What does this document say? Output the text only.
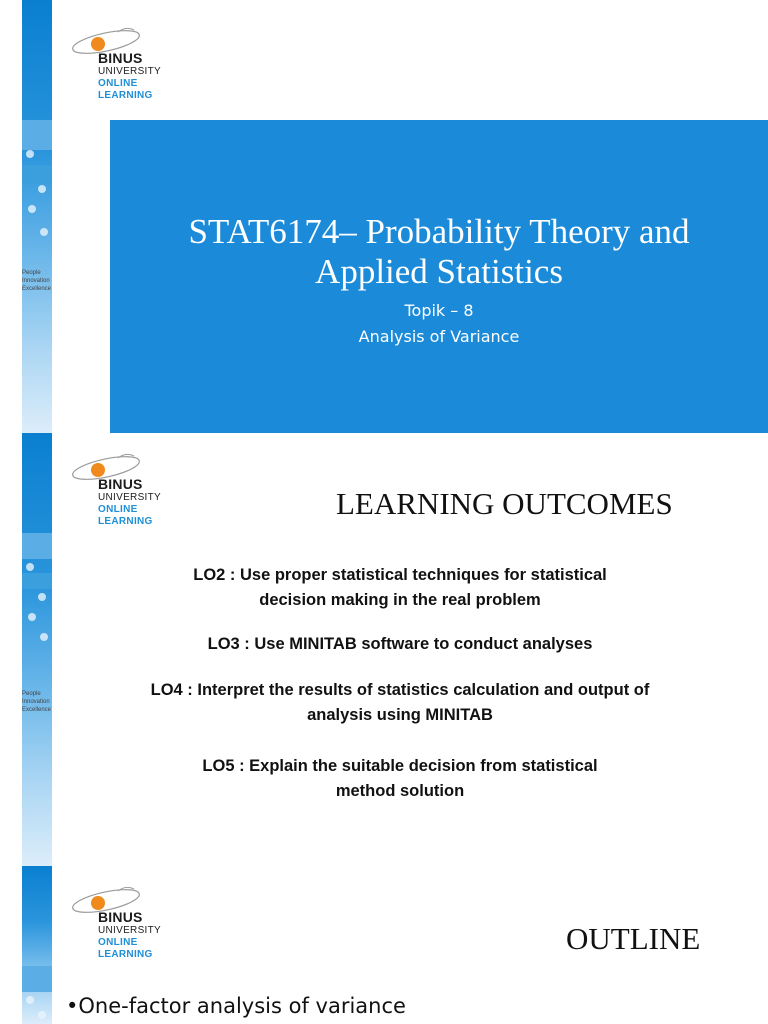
BINUS
UNIVERSITY
ONLINE
LEARNING
People
Innovation
Excellence
STAT6174– Probability Theory and
Applied Statistics
Topik – 8
Analysis of Variance
BINUS
UNIVERSITY
ONLINE
LEARNING
People
Innovation
Excellence
LEARNING OUTCOMES
LO2 : Use proper statistical techniques for statistical
decision making in the real problem
LO3 : Use MINITAB software to conduct analyses
LO4 : Interpret the results of statistics calculation and output of
analysis using MINITAB
LO5 : Explain the suitable decision from statistical
method solution
BINUS
UNIVERSITY
ONLINE
LEARNING	OUTLINE
•One-factor analysis of variance
